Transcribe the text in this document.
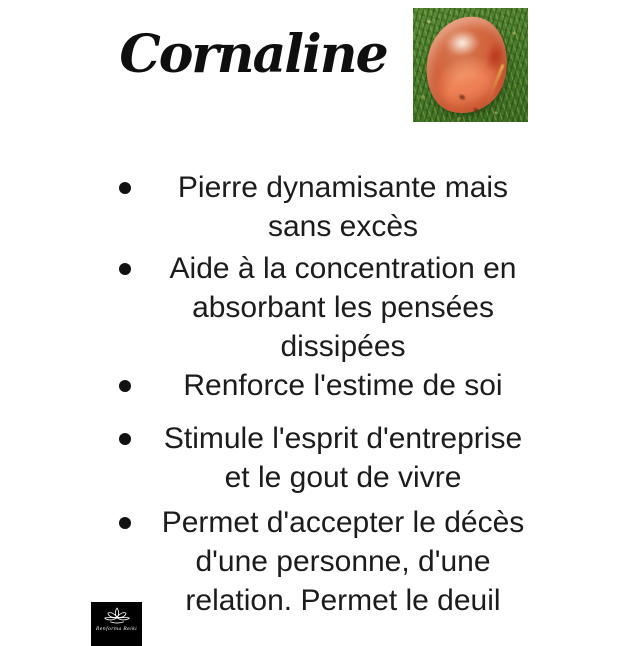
Cornaline
Pierre dynamisante mais
sans excès
Aide à la concentration en
absorbant les pensées
dissipées
Renforce l'estime de soi
Stimule l'esprit d'entreprise
et le gout de vivre
Permet d'accepter le décès
d'une personne, d'une
relation. Permet le deuil
Renforma Reiki
